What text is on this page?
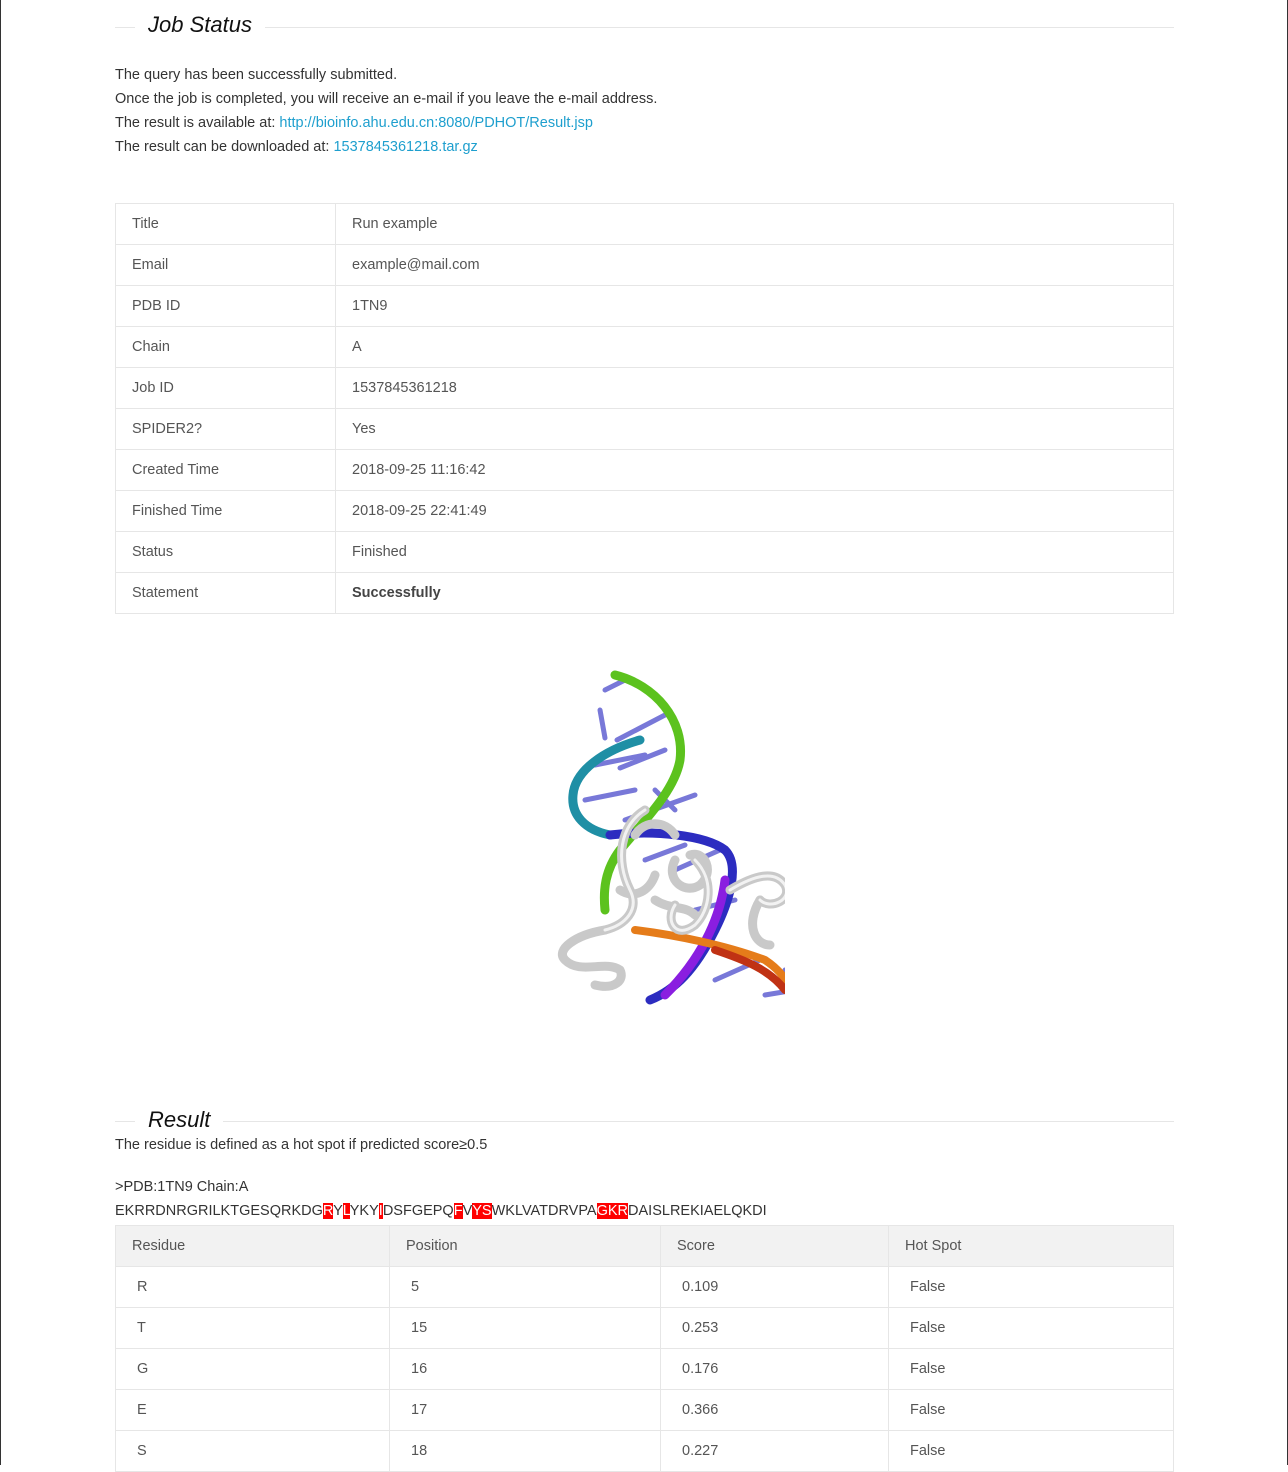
Job Status
The query has been successfully submitted.
Once the job is completed, you will receive an e-mail if you leave the e-mail address.
The result is available at: http://bioinfo.ahu.edu.cn:8080/PDHOT/Result.jsp
The result can be downloaded at: 1537845361218.tar.gz
Title	Run example
Email	example@mail.com
PDB ID	1TN9
Chain	A
Job ID	1537845361218
SPIDER2?	Yes
Created Time	2018-09-25 11:16:42
Finished Time	2018-09-25 22:41:49
Status	Finished
Statement	Successfully
Result
The residue is defined as a hot spot if predicted score≥0.5
>PDB:1TN9 Chain:A
EKRRDNRGRILKTGESQRKDGRYLYKYIDSFGEPQFVYSWKLVATDRVPAGKRDAISLREKIAELQKDI
Residue	Position	Score	Hot Spot
R	5	0.109	False
T	15	0.253	False
G	16	0.176	False
E	17	0.366	False
S	18	0.227	False
